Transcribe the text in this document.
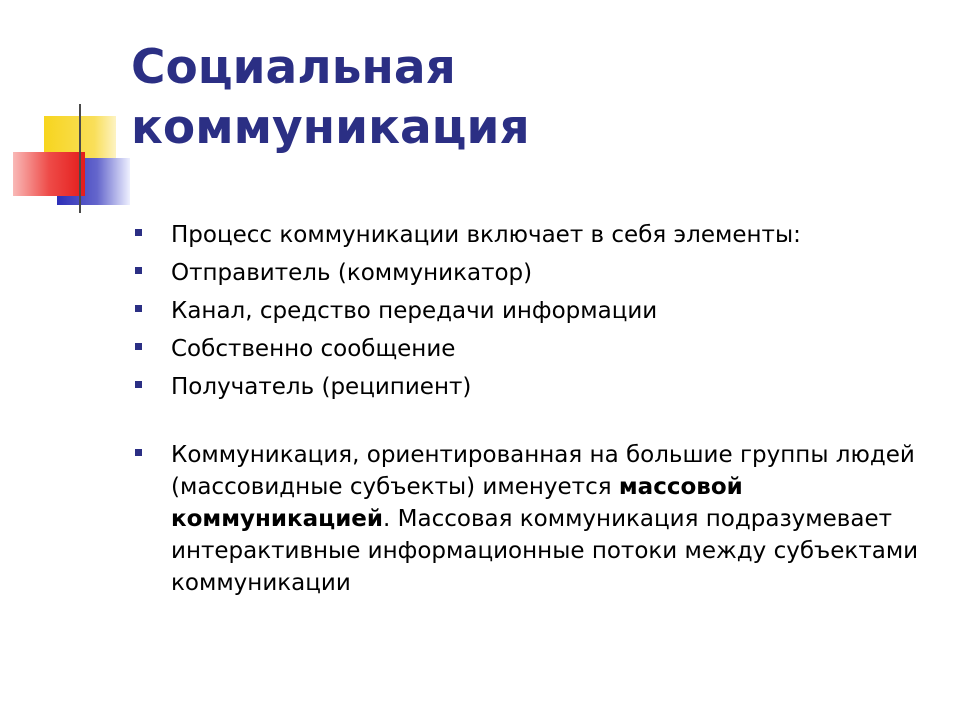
Социальная
коммуникация
Процесс коммуникации включает в себя элементы:
Отправитель (коммуникатор)
Канал, средство передачи информации
Собственно сообщение
Получатель (реципиент)
Коммуникация, ориентированная на большие группы людей
(массовидные субъекты) именуется массовой
коммуникацией. Массовая коммуникация подразумевает
интерактивные информационные потоки между субъектами
коммуникации
